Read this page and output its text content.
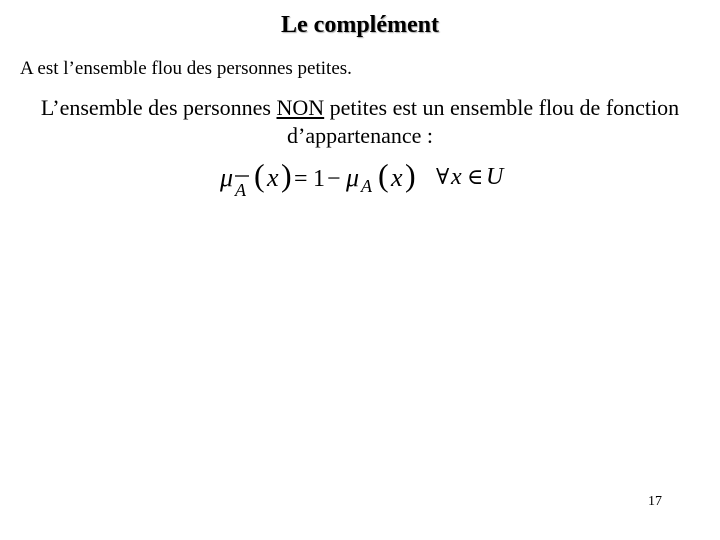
Le complément
A est l’ensemble flou des personnes petites.
L’ensemble des personnes NON petites est un ensemble flou de fonction d’appartenance :
μ A ( x ) = 1 − μ A ( x ) ∀ x ∈ U
17
